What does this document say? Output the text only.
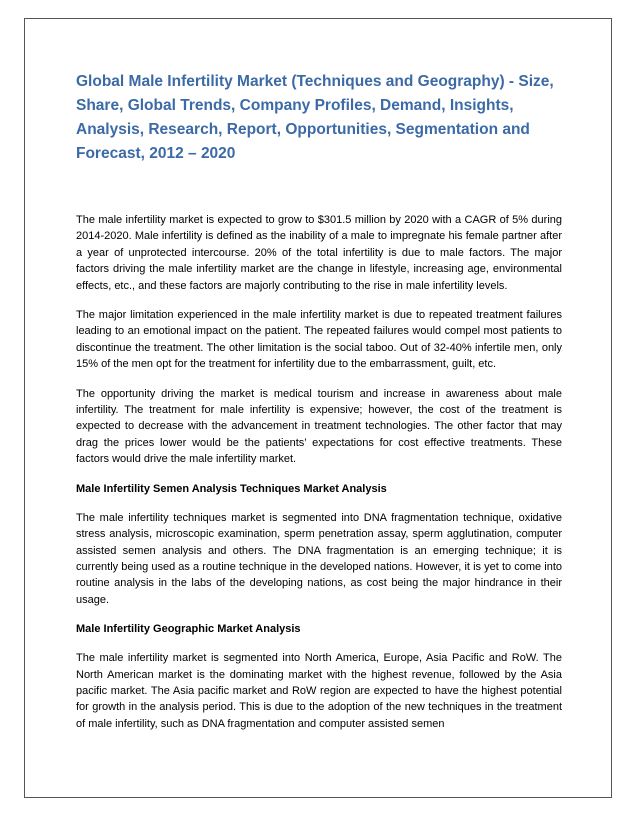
Global Male Infertility Market (Techniques and Geography) - Size, Share, Global Trends, Company Profiles, Demand, Insights, Analysis, Research, Report, Opportunities, Segmentation and Forecast, 2012 – 2020

The male infertility market is expected to grow to $301.5 million by 2020 with a CAGR of 5% during 2014-2020. Male infertility is defined as the inability of a male to impregnate his female partner after a year of unprotected intercourse. 20% of the total infertility is due to male factors. The major factors driving the male infertility market are the change in lifestyle, increasing age, environmental effects, etc., and these factors are majorly contributing to the rise in male infertility levels.

The major limitation experienced in the male infertility market is due to repeated treatment failures leading to an emotional impact on the patient. The repeated failures would compel most patients to discontinue the treatment. The other limitation is the social taboo. Out of 32-40% infertile men, only 15% of the men opt for the treatment for infertility due to the embarrassment, guilt, etc.

The opportunity driving the market is medical tourism and increase in awareness about male infertility. The treatment for male infertility is expensive; however, the cost of the treatment is expected to decrease with the advancement in treatment technologies. The other factor that may drag the prices lower would be the patients’ expectations for cost effective treatments. These factors would drive the male infertility market.

Male Infertility Semen Analysis Techniques Market Analysis

The male infertility techniques market is segmented into DNA fragmentation technique, oxidative stress analysis, microscopic examination, sperm penetration assay, sperm agglutination, computer assisted semen analysis and others. The DNA fragmentation is an emerging technique; it is currently being used as a routine technique in the developed nations. However, it is yet to come into routine analysis in the labs of the developing nations, as cost being the major hindrance in their usage.

Male Infertility Geographic Market Analysis

The male infertility market is segmented into North America, Europe, Asia Pacific and RoW. The North American market is the dominating market with the highest revenue, followed by the Asia pacific market. The Asia pacific market and RoW region are expected to have the highest potential for growth in the analysis period. This is due to the adoption of the new techniques in the treatment of male infertility, such as DNA fragmentation and computer assisted semen
